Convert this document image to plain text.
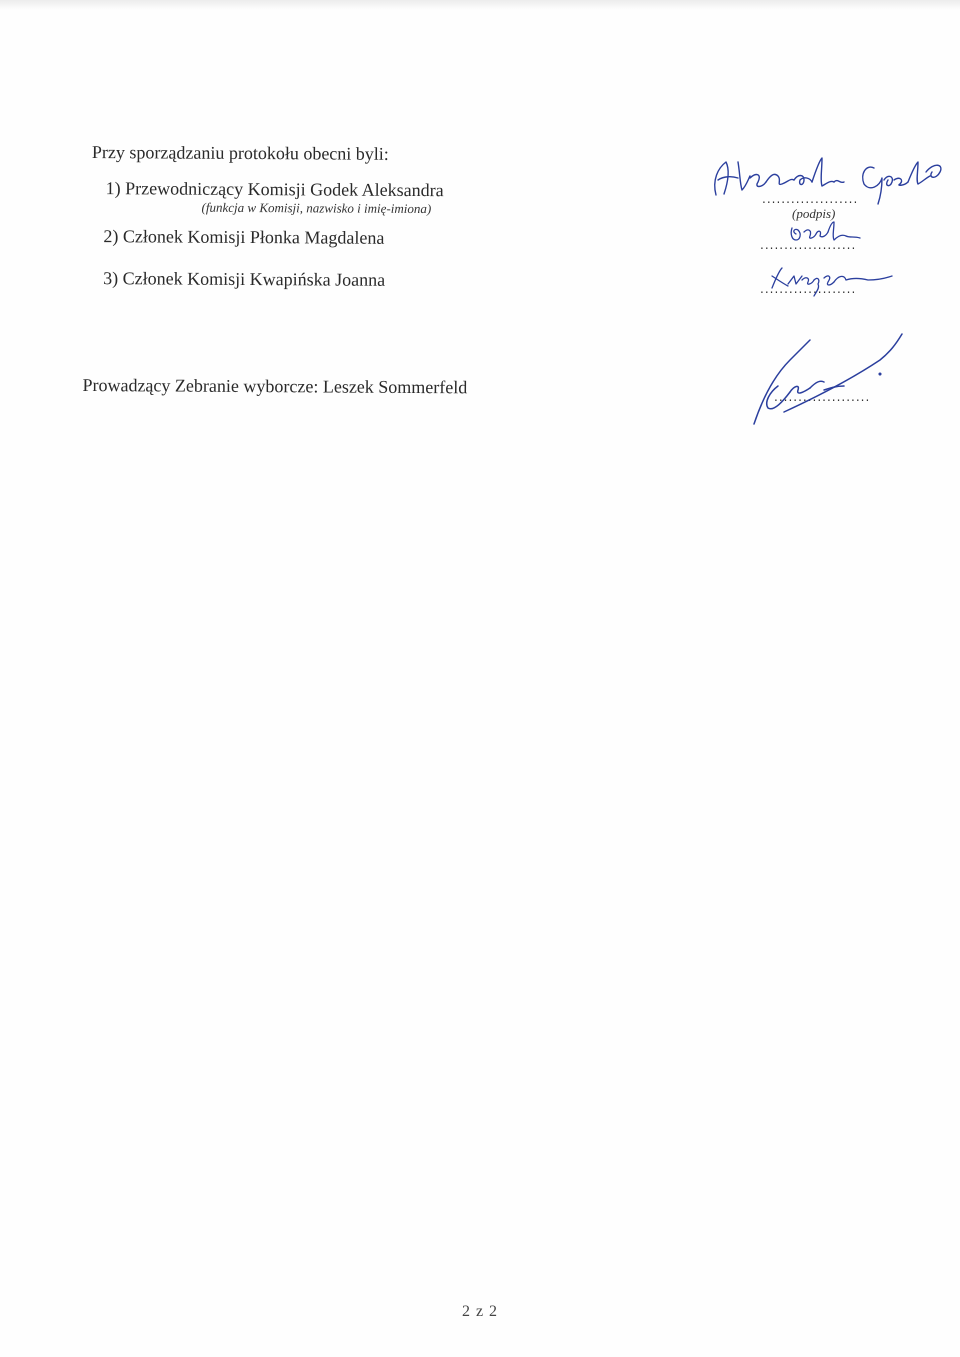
Przy sporządzaniu protokołu obecni byli:
1) Przewodniczący Komisji Godek Aleksandra
(funkcja w Komisji, nazwisko i imię-imiona)
2) Członek Komisji Płonka Magdalena
3) Członek Komisji Kwapińska Joanna
Prowadzący Zebranie wyborcze: Leszek Sommerfeld
....................
(podpis)
....................
....................
....................
2 z 2
